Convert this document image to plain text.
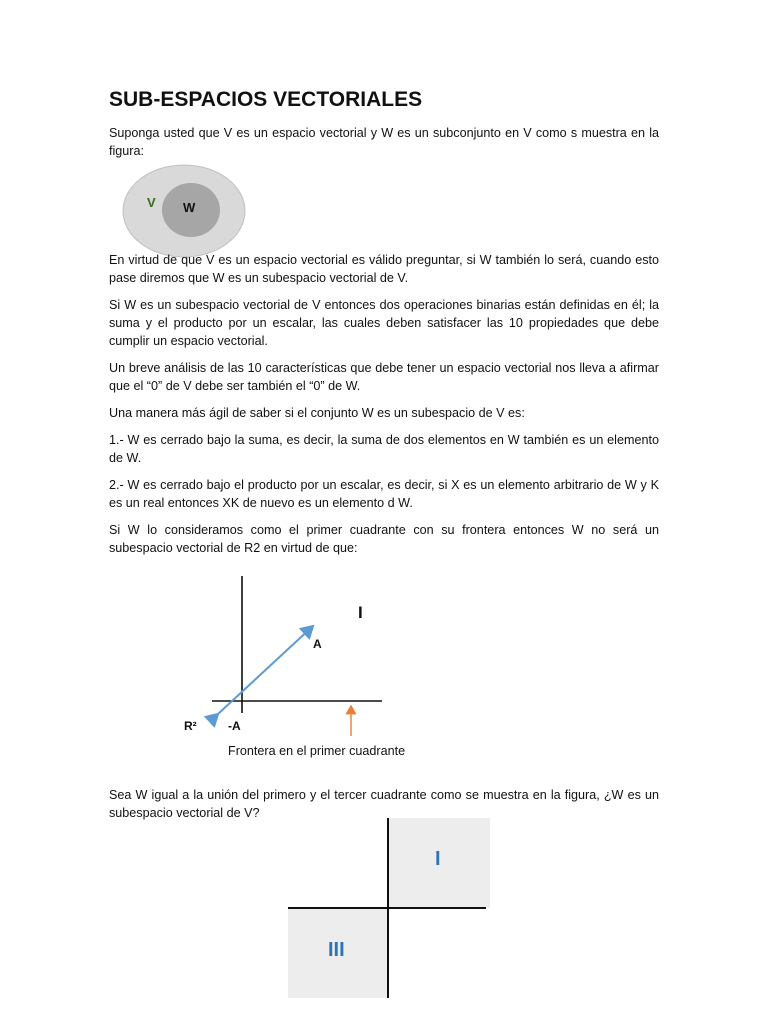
SUB-ESPACIOS VECTORIALES

Suponga usted que V es un espacio vectorial y W es un subconjunto en V como s muestra en la figura:

V W

En virtud de que V es un espacio vectorial es válido preguntar, si W también lo será, cuando esto pase diremos que W es un subespacio vectorial de V.

Si W es un subespacio vectorial de V entonces dos operaciones binarias están definidas en él; la suma y el producto por un escalar, las cuales deben satisfacer las 10 propiedades que debe cumplir un espacio vectorial.

Un breve análisis de las 10 características que debe tener un espacio vectorial nos lleva a afirmar que el “0” de V debe ser también el “0” de W.

Una manera más ágil de saber si el conjunto W es un subespacio de V es:

1.- W es cerrado bajo la suma, es decir, la suma de dos elementos en W también es un elemento de W.

2.- W es cerrado bajo el producto por un escalar, es decir, si X es un elemento arbitrario de W y K es un real entonces XK de nuevo es un elemento d W.

Si W lo consideramos como el primer cuadrante con su frontera entonces W no será un subespacio vectorial de R2 en virtud de que:

I
A
-A
R²
Frontera en el primer cuadrante

Sea W igual a la unión del primero y el tercer cuadrante como se muestra en la figura, ¿W es un subespacio vectorial de V?

I
III
